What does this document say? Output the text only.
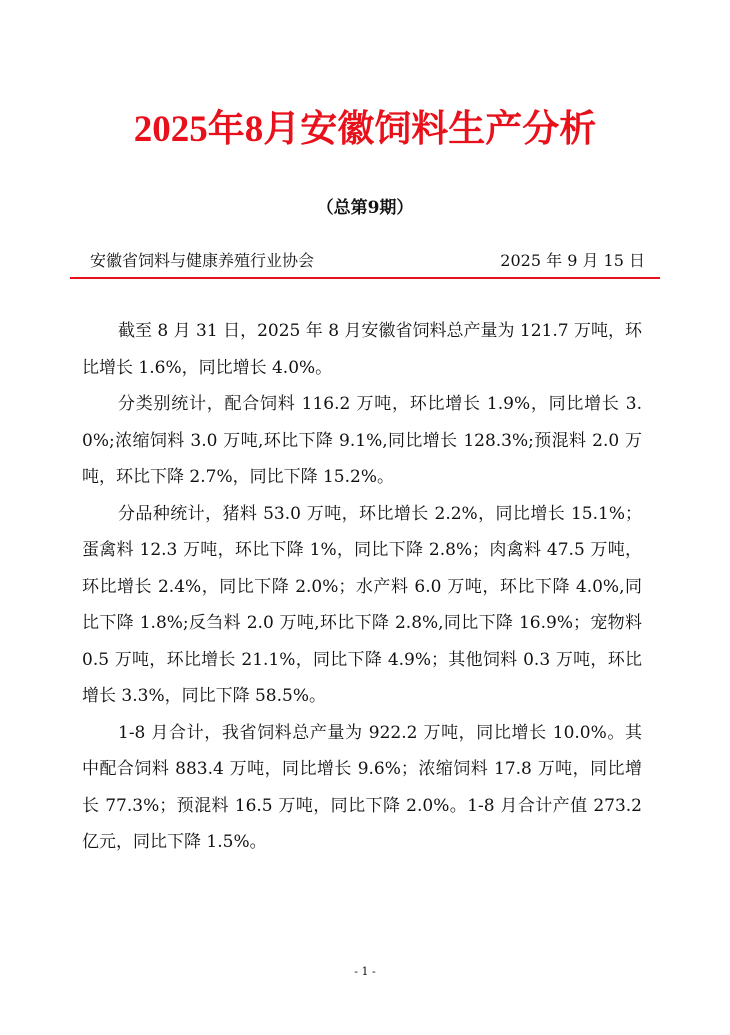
2025年8月安徽饲料生产分析
（总第9期）
安徽省饲料与健康养殖行业协会	2025 年 9 月 15 日

截至 8 月 31 日，2025 年 8 月安徽省饲料总产量为 121.7 万吨，环比增长 1.6%，同比增长 4.0%。

分类别统计，配合饲料 116.2 万吨，环比增长 1.9%，同比增长 3.0%;浓缩饲料 3.0 万吨,环比下降 9.1%,同比增长 128.3%;预混料 2.0 万吨，环比下降 2.7%，同比下降 15.2%。

分品种统计，猪料 53.0 万吨，环比增长 2.2%，同比增长 15.1%；蛋禽料 12.3 万吨，环比下降 1%，同比下降 2.8%；肉禽料 47.5 万吨，环比增长 2.4%，同比下降 2.0%；水产料 6.0 万吨，环比下降 4.0%,同比下降 1.8%;反刍料 2.0 万吨,环比下降 2.8%,同比下降 16.9%；宠物料 0.5 万吨，环比增长 21.1%，同比下降 4.9%；其他饲料 0.3 万吨，环比增长 3.3%，同比下降 58.5%。

1-8 月合计，我省饲料总产量为 922.2 万吨，同比增长 10.0%。其中配合饲料 883.4 万吨，同比增长 9.6%；浓缩饲料 17.8 万吨，同比增长 77.3%；预混料 16.5 万吨，同比下降 2.0%。1-8 月合计产值 273.2 亿元，同比下降 1.5%。

- 1 -
